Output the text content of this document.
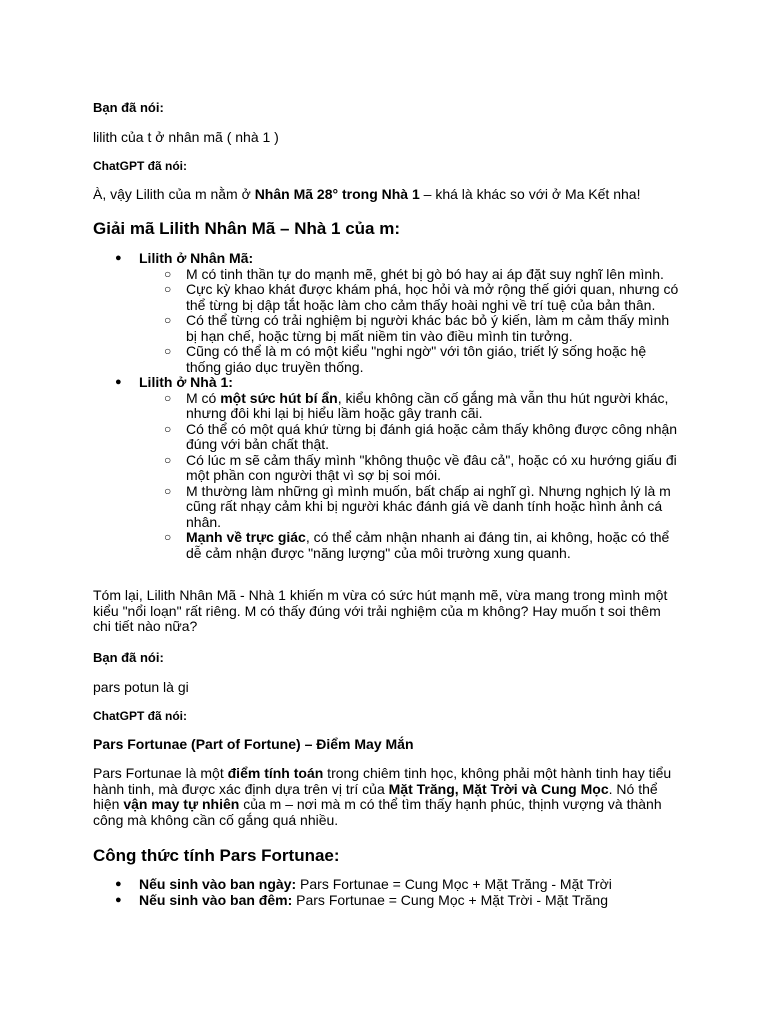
Bạn đã nói:

lilith của t ở nhân mã ( nhà 1 )

ChatGPT đã nói:

À, vậy Lilith của m nằm ở Nhân Mã 28° trong Nhà 1 – khá là khác so với ở Ma Kết nha!

Giải mã Lilith Nhân Mã – Nhà 1 của m:

● Lilith ở Nhân Mã:
○ M có tinh thần tự do mạnh mẽ, ghét bị gò bó hay ai áp đặt suy nghĩ lên mình.
○ Cực kỳ khao khát được khám phá, học hỏi và mở rộng thế giới quan, nhưng có thể từng bị dập tắt hoặc làm cho cảm thấy hoài nghi về trí tuệ của bản thân.
○ Có thể từng có trải nghiệm bị người khác bác bỏ ý kiến, làm m cảm thấy mình bị hạn chế, hoặc từng bị mất niềm tin vào điều mình tin tưởng.
○ Cũng có thể là m có một kiểu "nghi ngờ" với tôn giáo, triết lý sống hoặc hệ thống giáo dục truyền thống.
● Lilith ở Nhà 1:
○ M có một sức hút bí ẩn, kiểu không cần cố gắng mà vẫn thu hút người khác, nhưng đôi khi lại bị hiểu lầm hoặc gây tranh cãi.
○ Có thể có một quá khứ từng bị đánh giá hoặc cảm thấy không được công nhận đúng với bản chất thật.
○ Có lúc m sẽ cảm thấy mình "không thuộc về đâu cả", hoặc có xu hướng giấu đi một phần con người thật vì sợ bị soi mói.
○ M thường làm những gì mình muốn, bất chấp ai nghĩ gì. Nhưng nghịch lý là m cũng rất nhạy cảm khi bị người khác đánh giá về danh tính hoặc hình ảnh cá nhân.
○ Mạnh về trực giác, có thể cảm nhận nhanh ai đáng tin, ai không, hoặc có thể dễ cảm nhận được "năng lượng" của môi trường xung quanh.

Tóm lại, Lilith Nhân Mã - Nhà 1 khiến m vừa có sức hút mạnh mẽ, vừa mang trong mình một kiểu "nổi loạn" rất riêng. M có thấy đúng với trải nghiệm của m không? Hay muốn t soi thêm chi tiết nào nữa?

Bạn đã nói:

pars potun là gi

ChatGPT đã nói:

Pars Fortunae (Part of Fortune) – Điểm May Mắn

Pars Fortunae là một điểm tính toán trong chiêm tinh học, không phải một hành tinh hay tiểu hành tinh, mà được xác định dựa trên vị trí của Mặt Trăng, Mặt Trời và Cung Mọc. Nó thể hiện vận may tự nhiên của m – nơi mà m có thể tìm thấy hạnh phúc, thịnh vượng và thành công mà không cần cố gắng quá nhiều.

Công thức tính Pars Fortunae:

● Nếu sinh vào ban ngày: Pars Fortunae = Cung Mọc + Mặt Trăng - Mặt Trời
● Nếu sinh vào ban đêm: Pars Fortunae = Cung Mọc + Mặt Trời - Mặt Trăng
